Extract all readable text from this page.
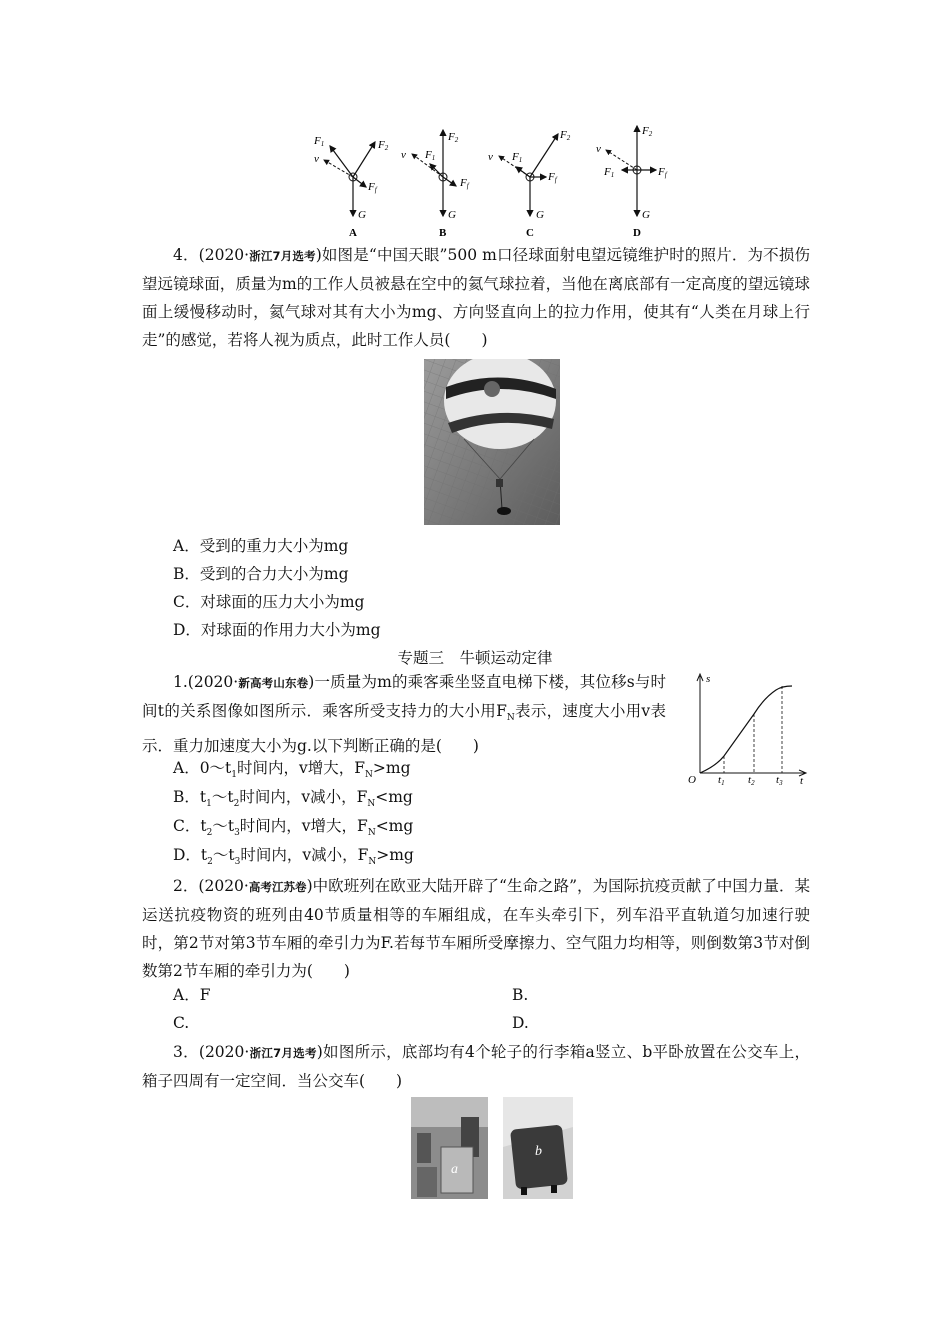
F1	F2
v
Ff
G
F2
F1
v
Ff
G
F2
F1
v
Ff
G
F2
v
F1	Ff
G
A	B	C	D
4．(2020·浙江7月选考)如图是“中国天眼”500 m口径球面射电望远镜维护时的照片．为不损伤望远镜球面，质量为m的工作人员被悬在空中的氦气球拉着，当他在离底部有一定高度的望远镜球面上缓慢移动时，氦气球对其有大小为mg、方向竖直向上的拉力作用，使其有“人类在月球上行走”的感觉，若将人视为质点，此时工作人员(　　)
A．受到的重力大小为mg
B．受到的合力大小为mg
C．对球面的压力大小为mg
D．对球面的作用力大小为mg
专题三　牛顿运动定律
1.(2020·新高考山东卷)一质量为m的乘客乘坐竖直电梯下楼，其位移s与时间t的关系图像如图所示．乘客所受支持力的大小用$F_N$表示，速度大小用v表示．重力加速度大小为g.以下判断正确的是(　　)
s
t
O t1 t2 t3
A．$0\sim t_1$时间内，v增大，$F_N>mg$
B．$t_1\sim t_2$时间内，v减小，$F_N<mg$
C．$t_2\sim t_3$时间内，v增大，$F_N<mg$
D．$t_2\sim t_3$时间内，v减小，$F_N>mg$
2．(2020·高考江苏卷)中欧班列在欧亚大陆开辟了“生命之路”，为国际抗疫贡献了中国力量．某运送抗疫物资的班列由40节质量相等的车厢组成，在车头牵引下，列车沿平直轨道匀加速行驶时，第2节对第3节车厢的牵引力为F.若每节车厢所受摩擦力、空气阻力均相等，则倒数第3节对倒数第2节车厢的牵引力为(　　)
A．F	B.
C.	D.
3．(2020·浙江7月选考)如图所示，底部均有4个轮子的行李箱a竖立、b平卧放置在公交车上，箱子四周有一定空间．当公交车(　　)
a
b
